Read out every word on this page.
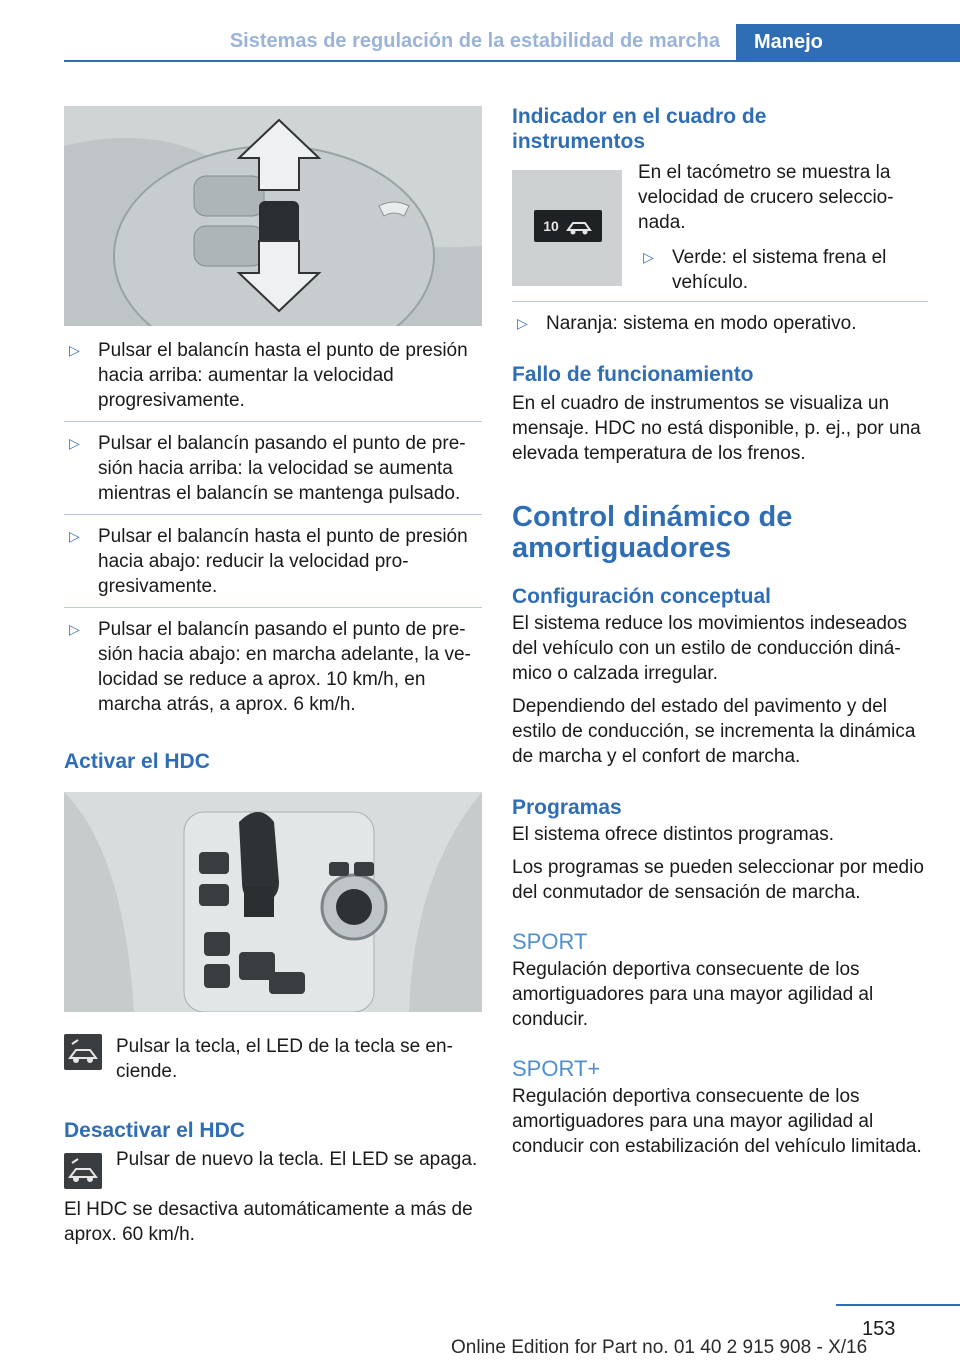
Sistemas de regulación de la estabilidad de marcha	Manejo
▷ Pulsar el balancín hasta el punto de presión hacia arriba: aumentar la velocidad progresivamente.
▷ Pulsar el balancín pasando el punto de presión hacia arriba: la velocidad se aumenta mientras el balancín se mantenga pulsado.
▷ Pulsar el balancín hasta el punto de presión hacia abajo: reducir la velocidad progresivamente.
▷ Pulsar el balancín pasando el punto de presión hacia abajo: en marcha adelante, la velocidad se reduce a aprox. 10 km/h, en marcha atrás, a aprox. 6 km/h.
Activar el HDC
Pulsar la tecla, el LED de la tecla se enciende.
Desactivar el HDC
Pulsar de nuevo la tecla. El LED se apaga.
El HDC se desactiva automáticamente a más de aprox. 60 km/h.
Indicador en el cuadro de instrumentos
10
En el tacómetro se muestra la velocidad de crucero seleccionada.
▷ Verde: el sistema frena el vehículo.
▷ Naranja: sistema en modo operativo.
Fallo de funcionamiento
En el cuadro de instrumentos se visualiza un mensaje. HDC no está disponible, p. ej., por una elevada temperatura de los frenos.
Control dinámico de amortiguadores
Configuración conceptual
El sistema reduce los movimientos indeseados del vehículo con un estilo de conducción dinámico o calzada irregular.
Dependiendo del estado del pavimento y del estilo de conducción, se incrementa la dinámica de marcha y el confort de marcha.
Programas
El sistema ofrece distintos programas.
Los programas se pueden seleccionar por medio del conmutador de sensación de marcha.
SPORT
Regulación deportiva consecuente de los amortiguadores para una mayor agilidad al conducir.
SPORT+
Regulación deportiva consecuente de los amortiguadores para una mayor agilidad al conducir con estabilización del vehículo limitada.
153
Online Edition for Part no. 01 40 2 915 908 - X/16
